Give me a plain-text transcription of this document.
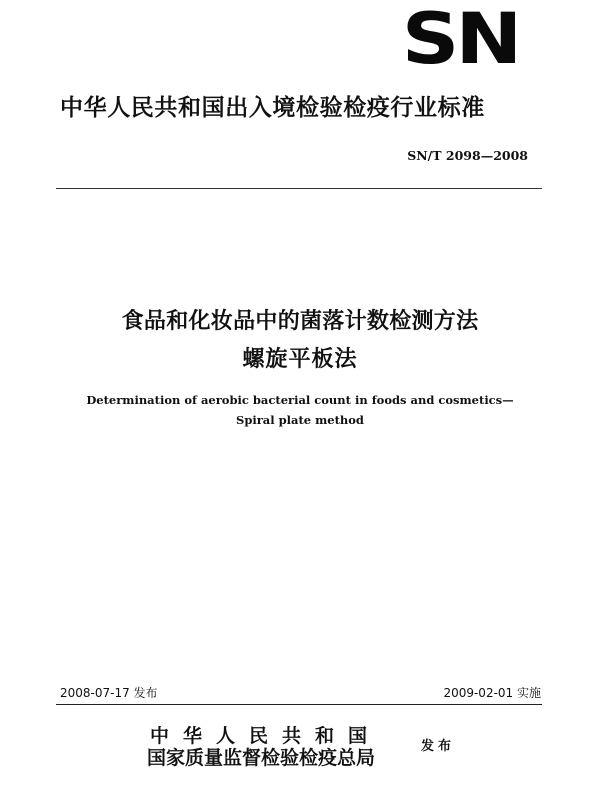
SN
中华人民共和国出入境检验检疫行业标准
SN/T 2098—2008
食品和化妆品中的菌落计数检测方法
螺旋平板法
Determination of aerobic bacterial count in foods and cosmetics—
Spiral plate method
2008-07-17 发布	2009-02-01 实施
中华人民共和国
国家质量监督检验检疫总局
发布
